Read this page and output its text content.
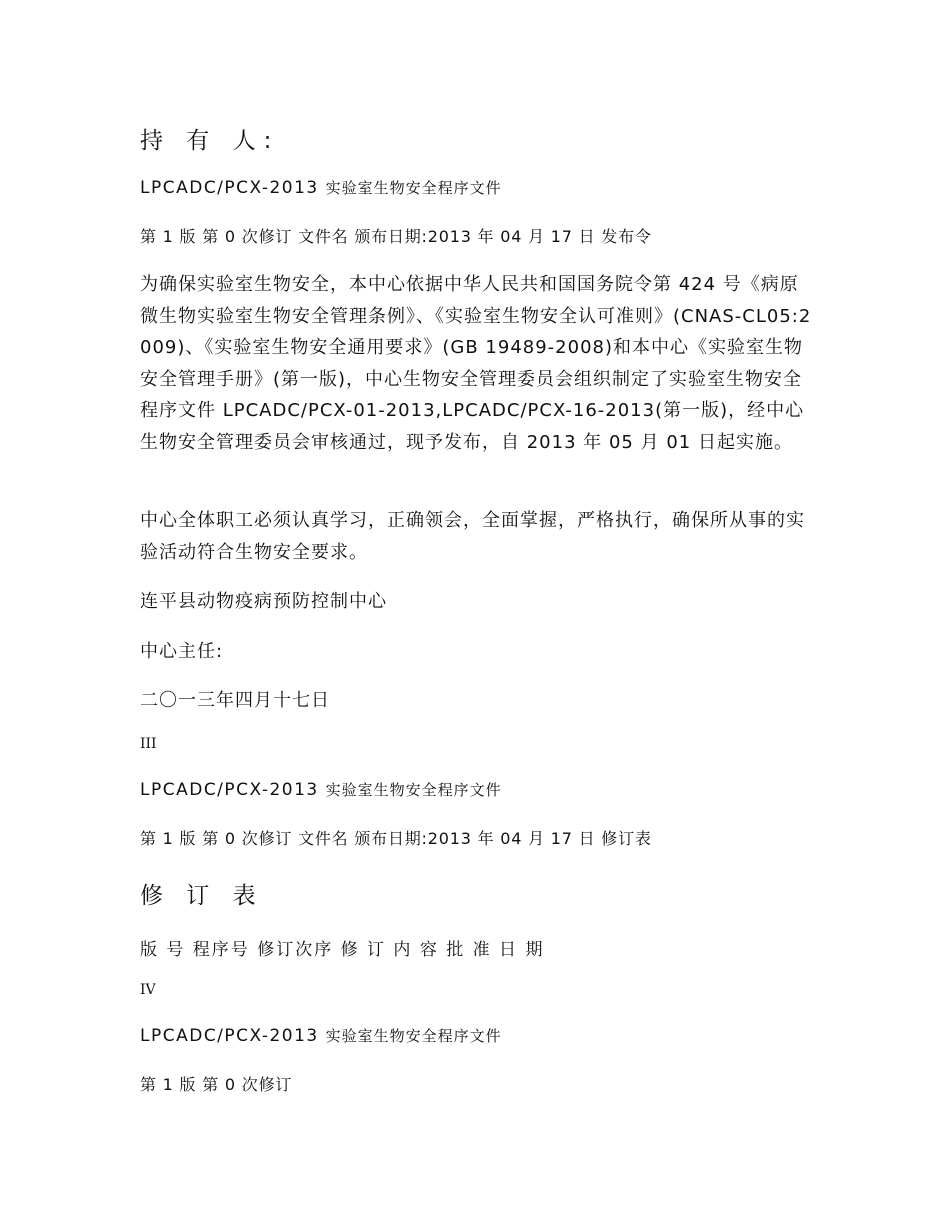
持 有 人:
LPCADC/PCX-2013 实验室生物安全程序文件
第 1 版 第 0 次修订 文件名 颁布日期:2013 年 04 月 17 日 发布令
为确保实验室生物安全，本中心依据中华人民共和国国务院令第 424 号《病原微生物实验室生物安全管理条例》、《实验室生物安全认可准则》(CNAS-CL05:2009)、《实验室生物安全通用要求》(GB 19489-2008)和本中心《实验室生物安全管理手册》(第一版)，中心生物安全管理委员会组织制定了实验室生物安全程序文件 LPCADC/PCX-01-2013,LPCADC/PCX-16-2013(第一版)，经中心生物安全管理委员会审核通过，现予发布，自 2013 年 05 月 01 日起实施。
中心全体职工必须认真学习，正确领会，全面掌握，严格执行，确保所从事的实验活动符合生物安全要求。
连平县动物疫病预防控制中心
中心主任:
二〇一三年四月十七日
III
LPCADC/PCX-2013 实验室生物安全程序文件
第 1 版 第 0 次修订 文件名 颁布日期:2013 年 04 月 17 日 修订表
修 订 表
版 号 程序号 修订次序 修 订 内 容 批 准 日 期
IV
LPCADC/PCX-2013 实验室生物安全程序文件
第 1 版 第 0 次修订
